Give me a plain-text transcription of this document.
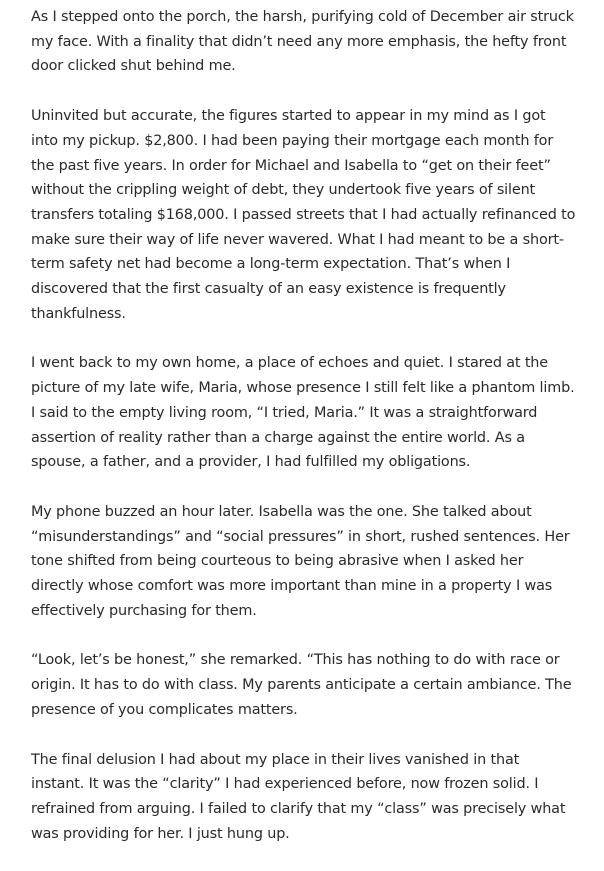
As I stepped onto the porch, the harsh, purifying cold of December air struck my face. With a finality that didn’t need any more emphasis, the hefty front door clicked shut behind me.

Uninvited but accurate, the figures started to appear in my mind as I got into my pickup. $2,800. I had been paying their mortgage each month for the past five years. In order for Michael and Isabella to “get on their feet” without the crippling weight of debt, they undertook five years of silent transfers totaling $168,000. I passed streets that I had actually refinanced to make sure their way of life never wavered. What I had meant to be a short-term safety net had become a long-term expectation. That’s when I discovered that the first casualty of an easy existence is frequently thankfulness.

I went back to my own home, a place of echoes and quiet. I stared at the picture of my late wife, Maria, whose presence I still felt like a phantom limb. I said to the empty living room, “I tried, Maria.” It was a straightforward assertion of reality rather than a charge against the entire world. As a spouse, a father, and a provider, I had fulfilled my obligations.

My phone buzzed an hour later. Isabella was the one. She talked about “misunderstandings” and “social pressures” in short, rushed sentences. Her tone shifted from being courteous to being abrasive when I asked her directly whose comfort was more important than mine in a property I was effectively purchasing for them.

“Look, let’s be honest,” she remarked. “This has nothing to do with race or origin. It has to do with class. My parents anticipate a certain ambiance. The presence of you complicates matters.

The final delusion I had about my place in their lives vanished in that instant. It was the “clarity” I had experienced before, now frozen solid. I refrained from arguing. I failed to clarify that my “class” was precisely what was providing for her. I just hung up.
